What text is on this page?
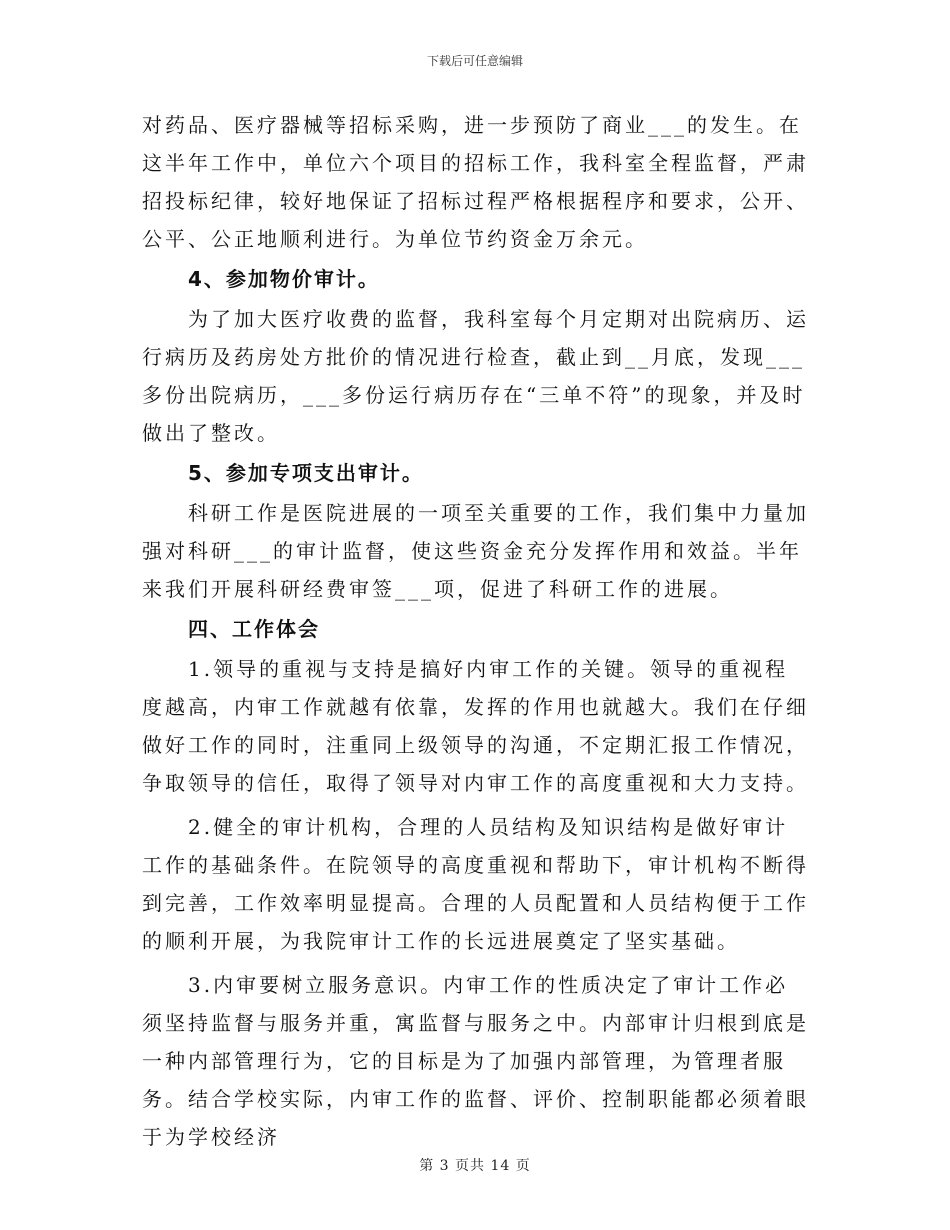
下载后可任意编辑

对药品、医疗器械等招标采购，进一步预防了商业___的发生。在这半年工作中，单位六个项目的招标工作，我科室全程监督，严肃招投标纪律，较好地保证了招标过程严格根据程序和要求，公开、公平、公正地顺利进行。为单位节约资金万余元。

4、参加物价审计。

为了加大医疗收费的监督，我科室每个月定期对出院病历、运行病历及药房处方批价的情况进行检查，截止到__月底，发现___多份出院病历，___多份运行病历存在“三单不符”的现象，并及时做出了整改。

5、参加专项支出审计。

科研工作是医院进展的一项至关重要的工作，我们集中力量加强对科研___的审计监督，使这些资金充分发挥作用和效益。半年来我们开展科研经费审签___项，促进了科研工作的进展。

四、工作体会

1.领导的重视与支持是搞好内审工作的关键。领导的重视程度越高，内审工作就越有依靠，发挥的作用也就越大。我们在仔细做好工作的同时，注重同上级领导的沟通，不定期汇报工作情况，争取领导的信任，取得了领导对内审工作的高度重视和大力支持。

2.健全的审计机构，合理的人员结构及知识结构是做好审计工作的基础条件。在院领导的高度重视和帮助下，审计机构不断得到完善，工作效率明显提高。合理的人员配置和人员结构便于工作的顺利开展，为我院审计工作的长远进展奠定了坚实基础。

3.内审要树立服务意识。内审工作的性质决定了审计工作必须坚持监督与服务并重，寓监督与服务之中。内部审计归根到底是一种内部管理行为，它的目标是为了加强内部管理，为管理者服务。结合学校实际，内审工作的监督、评价、控制职能都必须着眼于为学校经济

第 3 页共 14 页
